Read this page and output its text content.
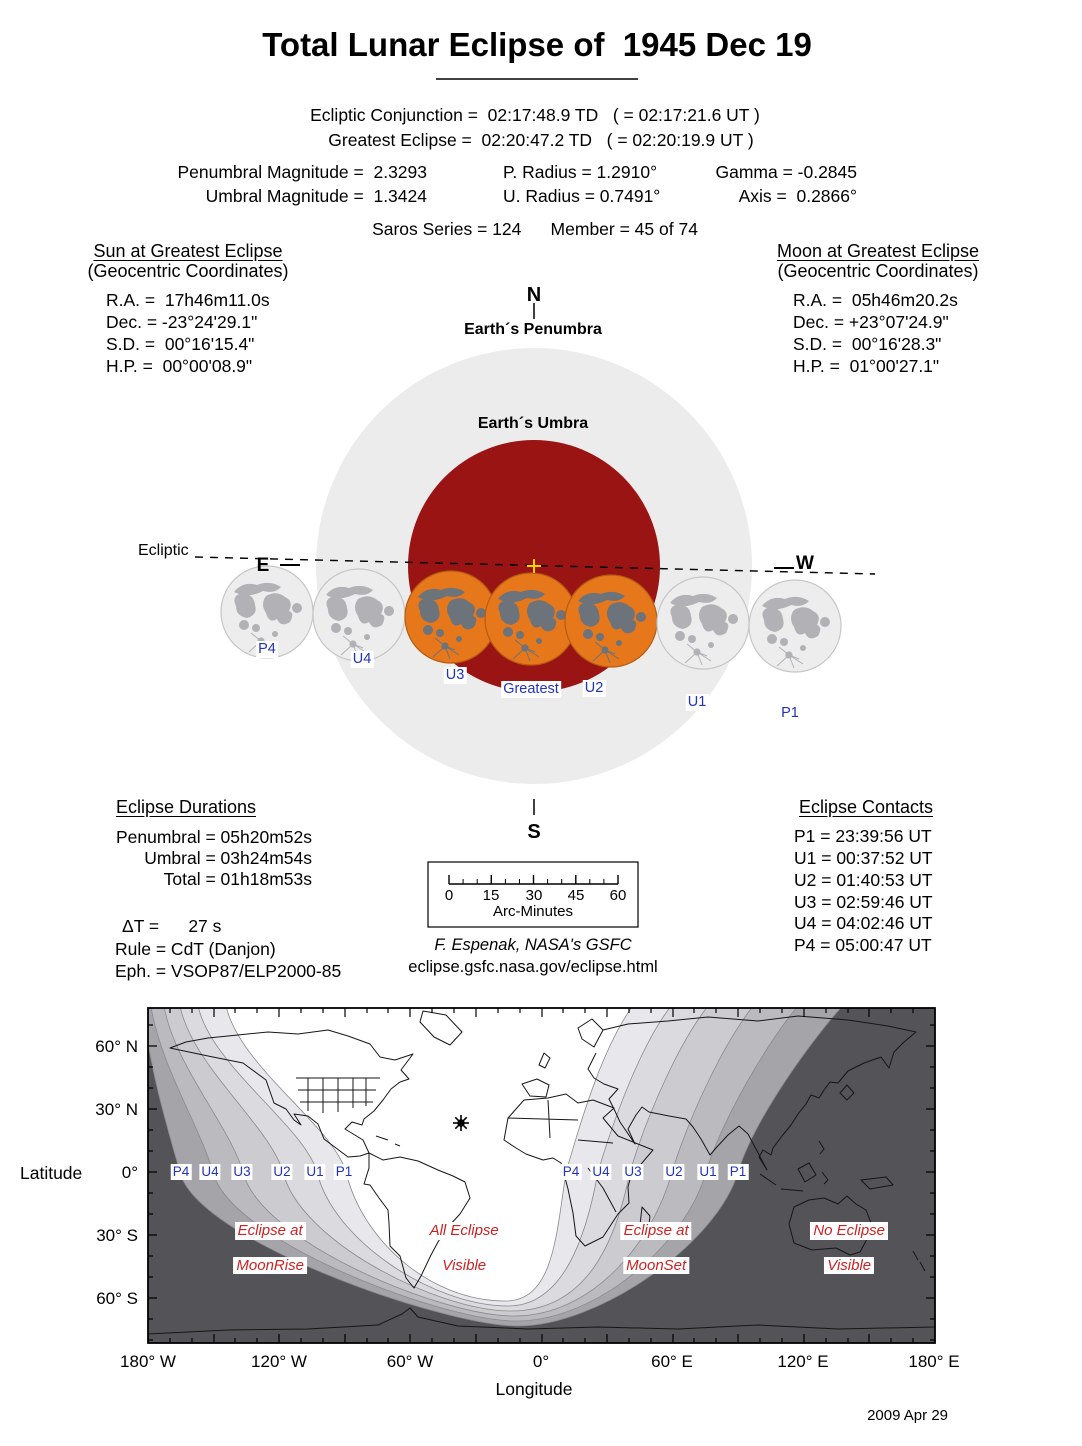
Total Lunar Eclipse of  1945 Dec 19
Ecliptic Conjunction =  02:17:48.9 TD   ( = 02:17:21.6 UT )
Greatest Eclipse =  02:20:47.2 TD   ( = 02:20:19.9 UT )
Penumbral Magnitude =  2.3293	P. Radius = 1.2910°	Gamma = -0.2845
Umbral Magnitude =  1.3424	U. Radius = 0.7491°	Axis =  0.2866°
Saros Series = 124      Member = 45 of 74
Sun at Greatest Eclipse
(Geocentric Coordinates)
R.A. =  17h46m11.0s
Dec. = -23°24'29.1"
S.D. =  00°16'15.4"
H.P. =  00°00'08.9"
Moon at Greatest Eclipse
(Geocentric Coordinates)
R.A. =  05h46m20.2s
Dec. = +23°07'24.9"
S.D. =  00°16'28.3"
H.P. =  01°00'27.1"
N
Earth´s Penumbra
Earth´s Umbra
Ecliptic
E	W
S
P4
U4
U3
Greatest U2
U1
P1
Eclipse Durations
Penumbral = 05h20m52s
Umbral = 03h24m54s
Total = 01h18m53s
ΔT =      27 s
Rule = CdT (Danjon)
Eph. = VSOP87/ELP2000-85
Eclipse Contacts
P1 = 23:39:56 UT
U1 = 00:37:52 UT
U2 = 01:40:53 UT
U3 = 02:59:46 UT
U4 = 04:02:46 UT
P4 = 05:00:47 UT
0 15 30 45 60
Arc-Minutes
F. Espenak, NASA's GSFC
eclipse.gsfc.nasa.gov/eclipse.html
60° N
30° N
0°
30° S
60° S
Latitude
180° W	120° W	60° W	0°	60° E	120° E	180° E
Longitude
P4 U4 U3 U2 U1 P1	P4 U4 U3 U2 U1 P1

Eclipse at

MoonRise

All Eclipse

Visible

Eclipse at

MoonSet

No Eclipse

Visible

2009 Apr 29
